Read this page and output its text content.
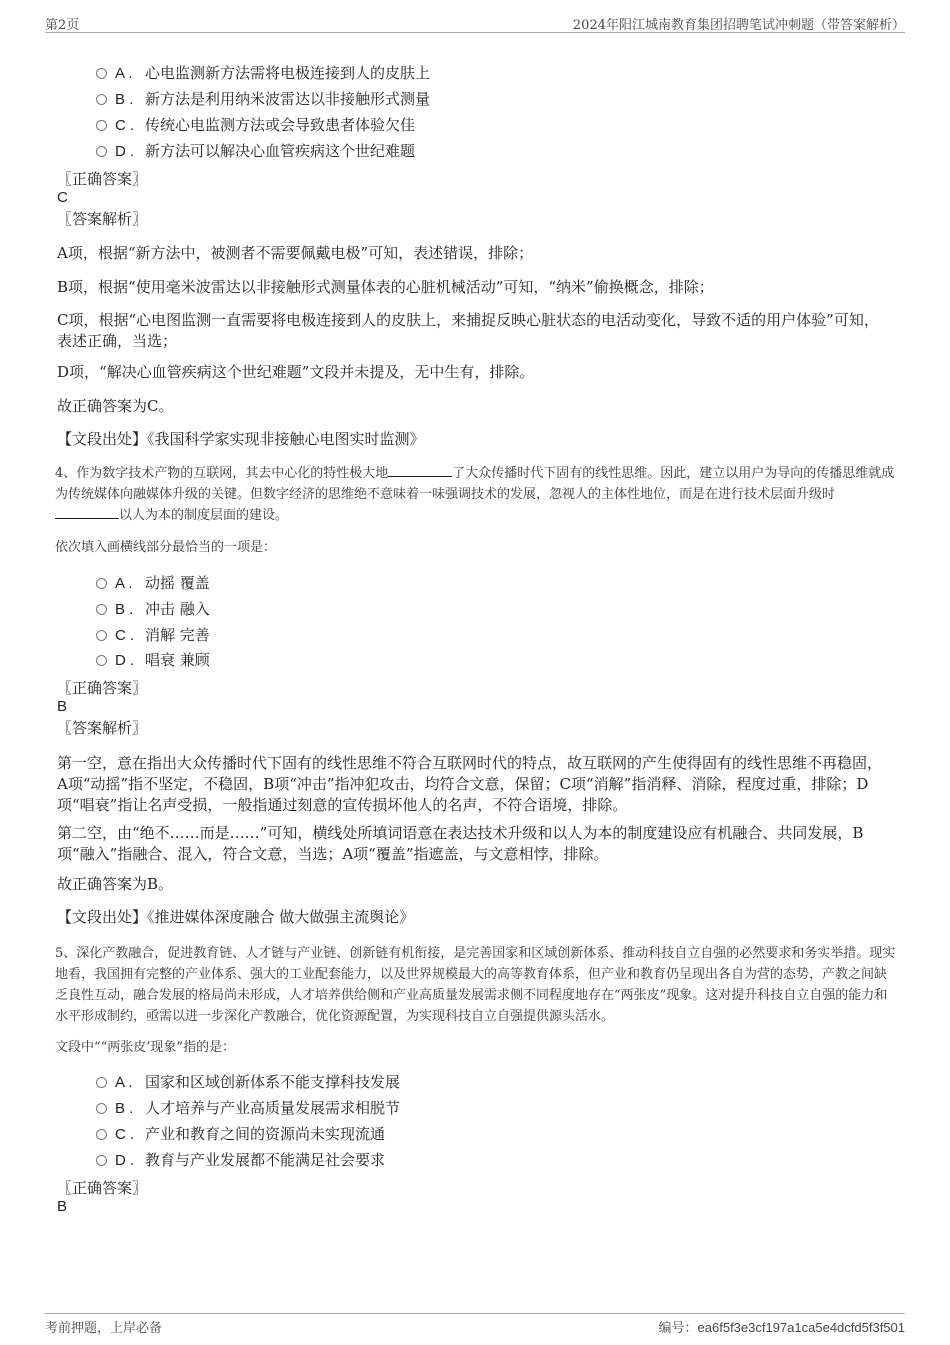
第2页	2024年阳江城南教育集团招聘笔试冲刺题（带答案解析）
A . 心电监测新方法需将电极连接到人的皮肤上
B . 新方法是利用纳米波雷达以非接触形式测量
C . 传统心电监测方法或会导致患者体验欠佳
D . 新方法可以解决心血管疾病这个世纪难题
〖正确答案〗
C
〖答案解析〗
A项，根据“新方法中，被测者不需要佩戴电极”可知，表述错误，排除；
B项，根据“使用毫米波雷达以非接触形式测量体表的心脏机械活动”可知，“纳米”偷换概念，排除；
C项，根据“心电图监测一直需要将电极连接到人的皮肤上，来捕捉反映心脏状态的电活动变化，导致不适的用户体验”可知，表述正确，当选；
D项，“解决心血管疾病这个世纪难题”文段并未提及，无中生有，排除。
故正确答案为C。
【文段出处】《我国科学家实现非接触心电图实时监测》
4、作为数字技术产物的互联网，其去中心化的特性极大地	了大众传播时代下固有的线性思维。因此，建立以用户为导向的传播思维就成为传统媒体向融媒体升级的关键。但数字经济的思维绝不意味着一味强调技术的发展，忽视人的主体性地位，而是在进行技术层面升级时以人为本的制度层面的建设。
依次填入画横线部分最恰当的一项是：
A . 动摇 覆盖
B . 冲击 融入
C . 消解 完善
D . 唱衰 兼顾
〖正确答案〗
B
〖答案解析〗
第一空，意在指出大众传播时代下固有的线性思维不符合互联网时代的特点，故互联网的产生使得固有的线性思维不再稳固，A项“动摇”指不坚定，不稳固，B项“冲击”指冲犯攻击，均符合文意，保留；C项“消解”指消释、消除，程度过重，排除；D项“唱衰”指让名声受损，一般指通过刻意的宣传损坏他人的名声，不符合语境，排除。
第二空，由“绝不……而是……”可知，横线处所填词语意在表达技术升级和以人为本的制度建设应有机融合、共同发展，B项“融入”指融合、混入，符合文意，当选；A项“覆盖”指遮盖，与文意相悖，排除。
故正确答案为B。
【文段出处】《推进媒体深度融合 做大做强主流舆论》
5、深化产教融合，促进教育链、人才链与产业链、创新链有机衔接，是完善国家和区域创新体系、推动科技自立自强的必然要求和务实举措。现实地看，我国拥有完整的产业体系、强大的工业配套能力，以及世界规模最大的高等教育体系，但产业和教育仍呈现出各自为营的态势，产教之间缺乏良性互动，融合发展的格局尚未形成，人才培养供给侧和产业高质量发展需求侧不同程度地存在“两张皮”现象。这对提升科技自立自强的能力和水平形成制约，亟需以进一步深化产教融合，优化资源配置，为实现科技自立自强提供源头活水。
文段中““两张皮’现象”指的是：
A . 国家和区域创新体系不能支撑科技发展
B . 人才培养与产业高质量发展需求相脱节
C . 产业和教育之间的资源尚未实现流通
D . 教育与产业发展都不能满足社会要求
〖正确答案〗
B
考前押题，上岸必备	编号：ea6f5f3e3cf197a1ca5e4dcfd5f3f501
